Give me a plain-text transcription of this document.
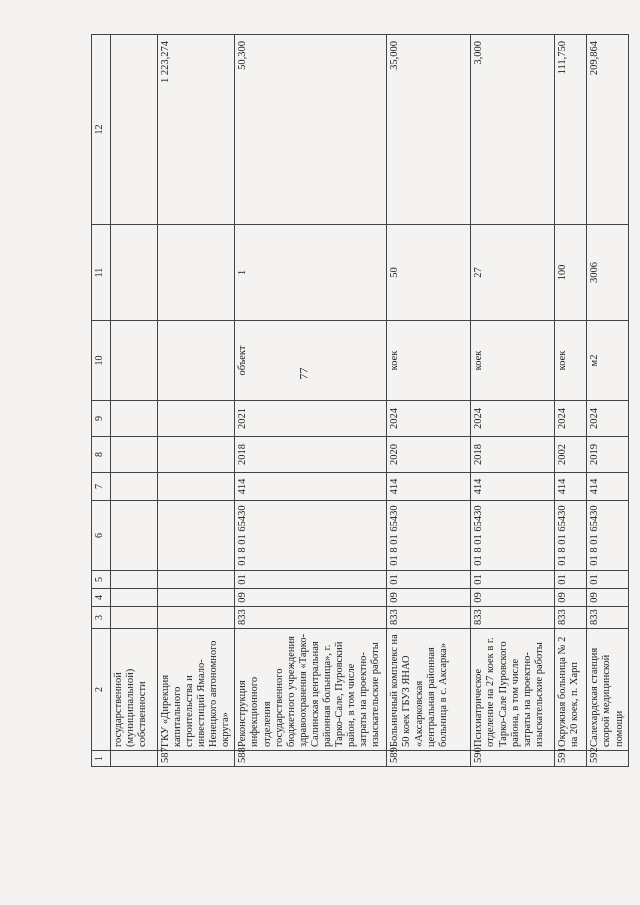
77
1	2	3	4	5	6	7	8	9	10	11	12
	государственной (муниципальной) собственности										
587	ГКУ «Дирекция капитального строительства и инвестиций Ямало-Ненецкого автономного округа»										1 223,274
588	Реконструкция инфекционного отделения государственного бюджетного учреждения здравоохранения «Тарко-Салинская центральная районная больница», г. Тарко-Сале, Пуровский район, в том числе затраты на проектно-изыскательские работы	833	09	01	01 8 01 65430	414	2018	2021	объект	1	50,300
589	Больничный комплекс на 50 коек ГБУЗ ЯНАО «Аксарковская центральная районная больница в с. Аксарка»	833	09	01	01 8 01 65430	414	2020	2024	коек	50	35,000
590	Психиатрическое отделение на 27 коек в г. Тарко-Сале Пуровского района, в том числе затраты на проектно-изыскательские работы	833	09	01	01 8 01 65430	414	2018	2024	коек	27	3,000
591	Окружная больница № 2 на 20 коек, п. Харп	833	09	01	01 8 01 65430	414	2002	2024	коек	100	111,750
592	Салехардская станция скорой медицинской помощи	833	09	01	01 8 01 65430	414	2019	2024	м2	3006	209,864
